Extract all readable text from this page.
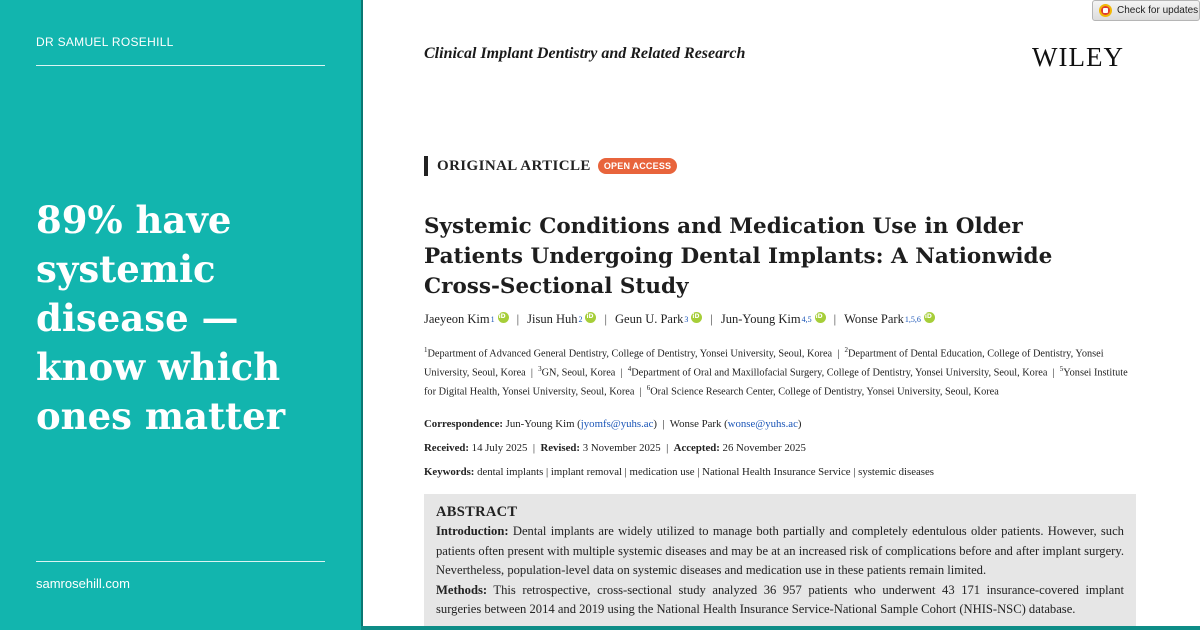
DR SAMUEL ROSEHILL
89% have systemic disease — know which ones matter
samrosehill.com
Check for updates
Clinical Implant Dentistry and Related Research	WILEY
ORIGINAL ARTICLE	OPEN ACCESS
Systemic Conditions and Medication Use in Older Patients Undergoing Dental Implants: A Nationwide Cross-Sectional Study
Jaeyeon Kim 1 iD | Jisun Huh 2 iD | Geun U. Park 3 iD | Jun-Young Kim 4,5 iD | Wonse Park 1,5,6
iD
$^1$Department of Advanced General Dentistry, College of Dentistry, Yonsei University, Seoul, Korea  |  $^2$Department of Dental Education, College of Dentistry, Yonsei University, Seoul, Korea  |  $^3$GN, Seoul, Korea  |  $^4$Department of Oral and Maxillofacial Surgery, College of Dentistry, Yonsei University, Seoul, Korea  |  $^5$Yonsei Institute for Digital Health, Yonsei University, Seoul, Korea  |  $^6$Oral Science Research Center, College of Dentistry, Yonsei University, Seoul, Korea
Correspondence: Jun-Young Kim (jyomfs@yuhs.ac)  |  Wonse Park (wonse@yuhs.ac)
Received: 14 July 2025  |  Revised: 3 November 2025  |  Accepted: 26 November 2025
Keywords: dental implants | implant removal | medication use | National Health Insurance Service | systemic diseases
ABSTRACT
Introduction: Dental implants are widely utilized to manage both partially and completely edentulous older patients. However, such patients often present with multiple systemic diseases and may be at an increased risk of complications before and after implant surgery. Nevertheless, population-level data on systemic diseases and medication use in these patients remain limited.
Methods: This retrospective, cross-sectional study analyzed 36 957 patients who underwent 43 171 insurance-covered implant surgeries between 2014 and 2019 using the National Health Insurance Service-National Sample Cohort (NHIS-NSC) database.
